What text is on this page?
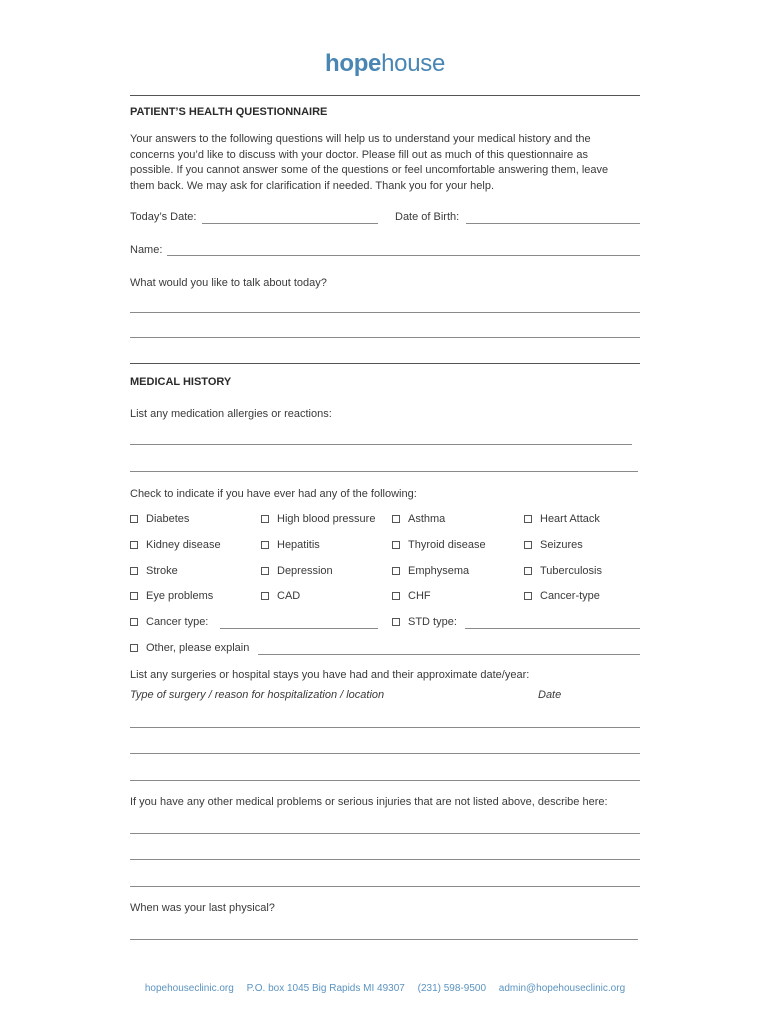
hopehouse
PATIENT’S HEALTH QUESTIONNAIRE
Your answers to the following questions will help us to understand your medical history and the
concerns you’d like to discuss with your doctor. Please fill out as much of this questionnaire as
possible. If you cannot answer some of the questions or feel uncomfortable answering them, leave
them back. We may ask for clarification if needed. Thank you for your help.
Today’s Date:	Date of Birth:
Name:
What would you like to talk about today?
MEDICAL HISTORY
List any medication allergies or reactions:
Check to indicate if you have ever had any of the following:
Diabetes	High blood pressure	Asthma	Heart Attack
Kidney disease	Hepatitis	Thyroid disease	Seizures
Stroke	Depression	Emphysema	Tuberculosis
Eye problems	CAD	CHF	Cancer-type
Cancer type:	STD type:
Other, please explain
List any surgeries or hospital stays you have had and their approximate date/year:
Type of surgery / reason for hospitalization / location	Date
If you have any other medical problems or serious injuries that are not listed above, describe here:
When was your last physical?
hopehouseclinic.org P.O. box 1045 Big Rapids MI 49307 (231) 598-9500 admin@hopehouseclinic.org
